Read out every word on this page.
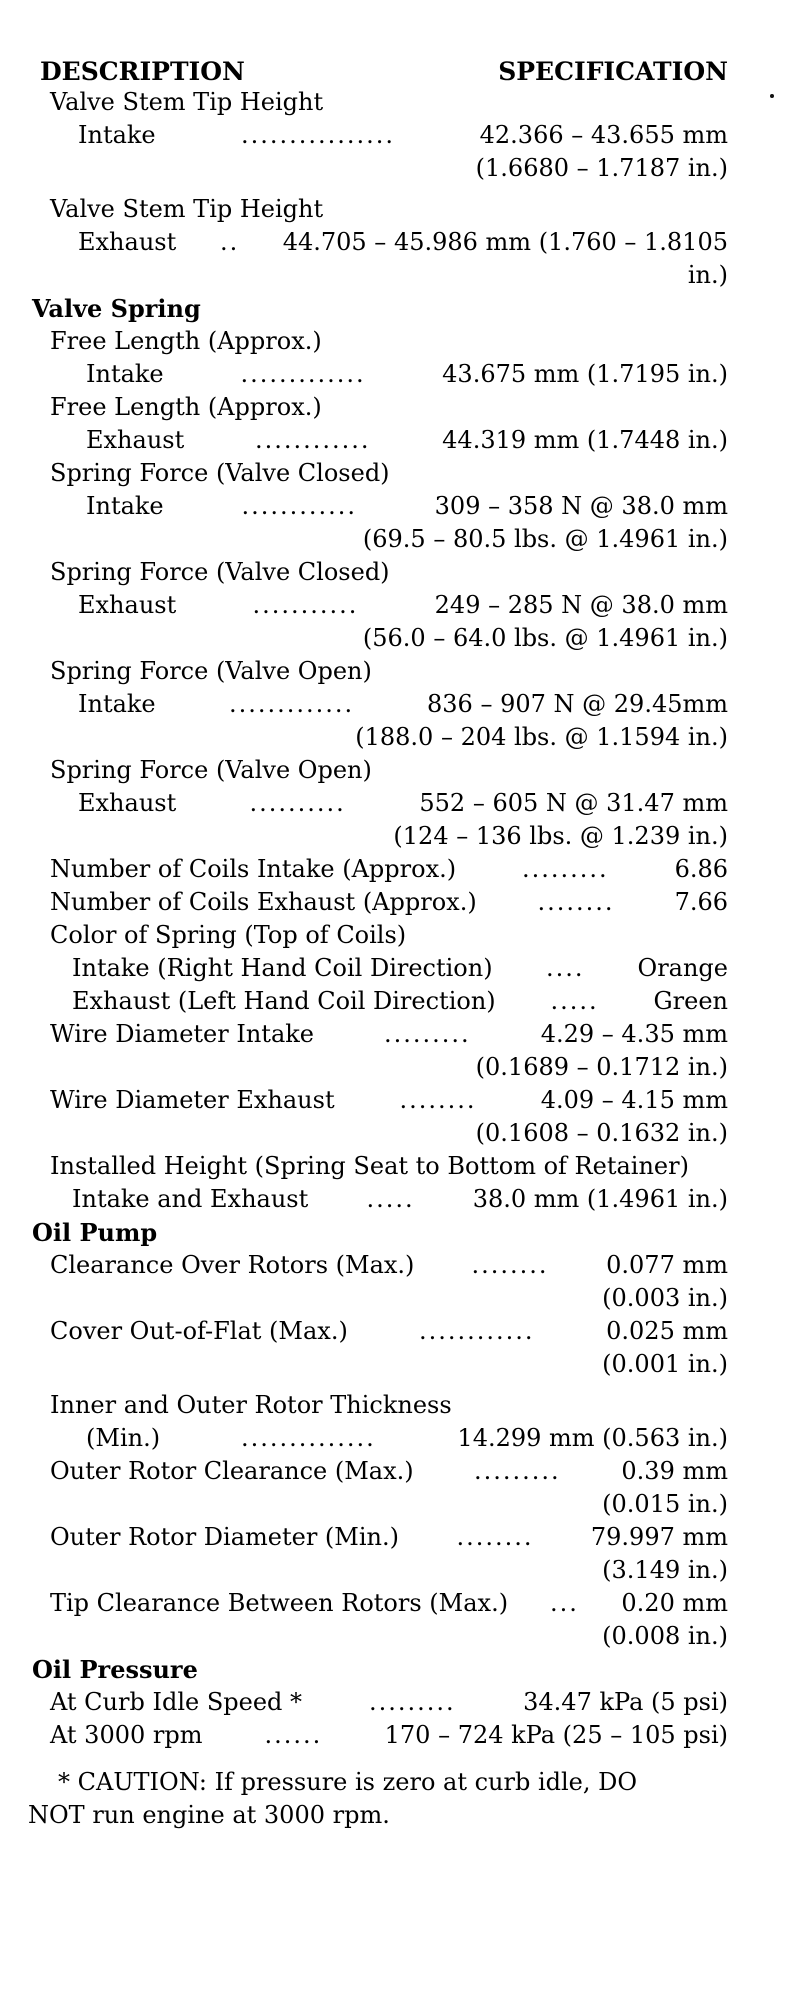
DESCRIPTION	SPECIFICATION
Valve Stem Tip Height
Intake	................	42.366 – 43.655 mm
(1.6680 – 1.7187 in.)
Valve Stem Tip Height
Exhaust .. 44.705 – 45.986 mm (1.760 – 1.8105
in.)
Valve Spring
Free Length (Approx.)
Intake	.............	43.675 mm (1.7195 in.)
Free Length (Approx.)
Exhaust	............	44.319 mm (1.7448 in.)
Spring Force (Valve Closed)
Intake	............	309 – 358 N @ 38.0 mm
(69.5 – 80.5 lbs. @ 1.4961 in.)
Spring Force (Valve Closed)
Exhaust	...........	249 – 285 N @ 38.0 mm
(56.0 – 64.0 lbs. @ 1.4961 in.)
Spring Force (Valve Open)
Intake	.............	836 – 907 N @ 29.45mm
(188.0 – 204 lbs. @ 1.1594 in.)
Spring Force (Valve Open)
Exhaust	..........	552 – 605 N @ 31.47 mm
(124 – 136 lbs. @ 1.239 in.)
Number of Coils Intake (Approx.)	.........	6.86
Number of Coils Exhaust (Approx.)	........	7.66
Color of Spring (Top of Coils)
Intake (Right Hand Coil Direction) .... Orange
Exhaust (Left Hand Coil Direction) ..... Green
Wire Diameter Intake	.........	4.29 – 4.35 mm
(0.1689 – 0.1712 in.)
Wire Diameter Exhaust	........	4.09 – 4.15 mm
(0.1608 – 0.1632 in.)
Installed Height (Spring Seat to Bottom of Retainer)
Intake and Exhaust ..... 38.0 mm (1.4961 in.)
Oil Pump
Clearance Over Rotors (Max.) ........ 0.077 mm
(0.003 in.)
Cover Out-of-Flat (Max.)	............	0.025 mm
(0.001 in.)
Inner and Outer Rotor Thickness
(Min.)	..............	14.299 mm (0.563 in.)
Outer Rotor Clearance (Max.)	.........	0.39 mm
(0.015 in.)
Outer Rotor Diameter (Min.) ........ 79.997 mm
(3.149 in.)
Tip Clearance Between Rotors (Max.) ... 0.20 mm
(0.008 in.)
Oil Pressure
At Curb Idle Speed *	.........	34.47 kPa (5 psi)
At 3000 rpm	......	170 – 724 kPa (25 – 105 psi)
* CAUTION: If pressure is zero at curb idle, DO
NOT run engine at 3000 rpm.
